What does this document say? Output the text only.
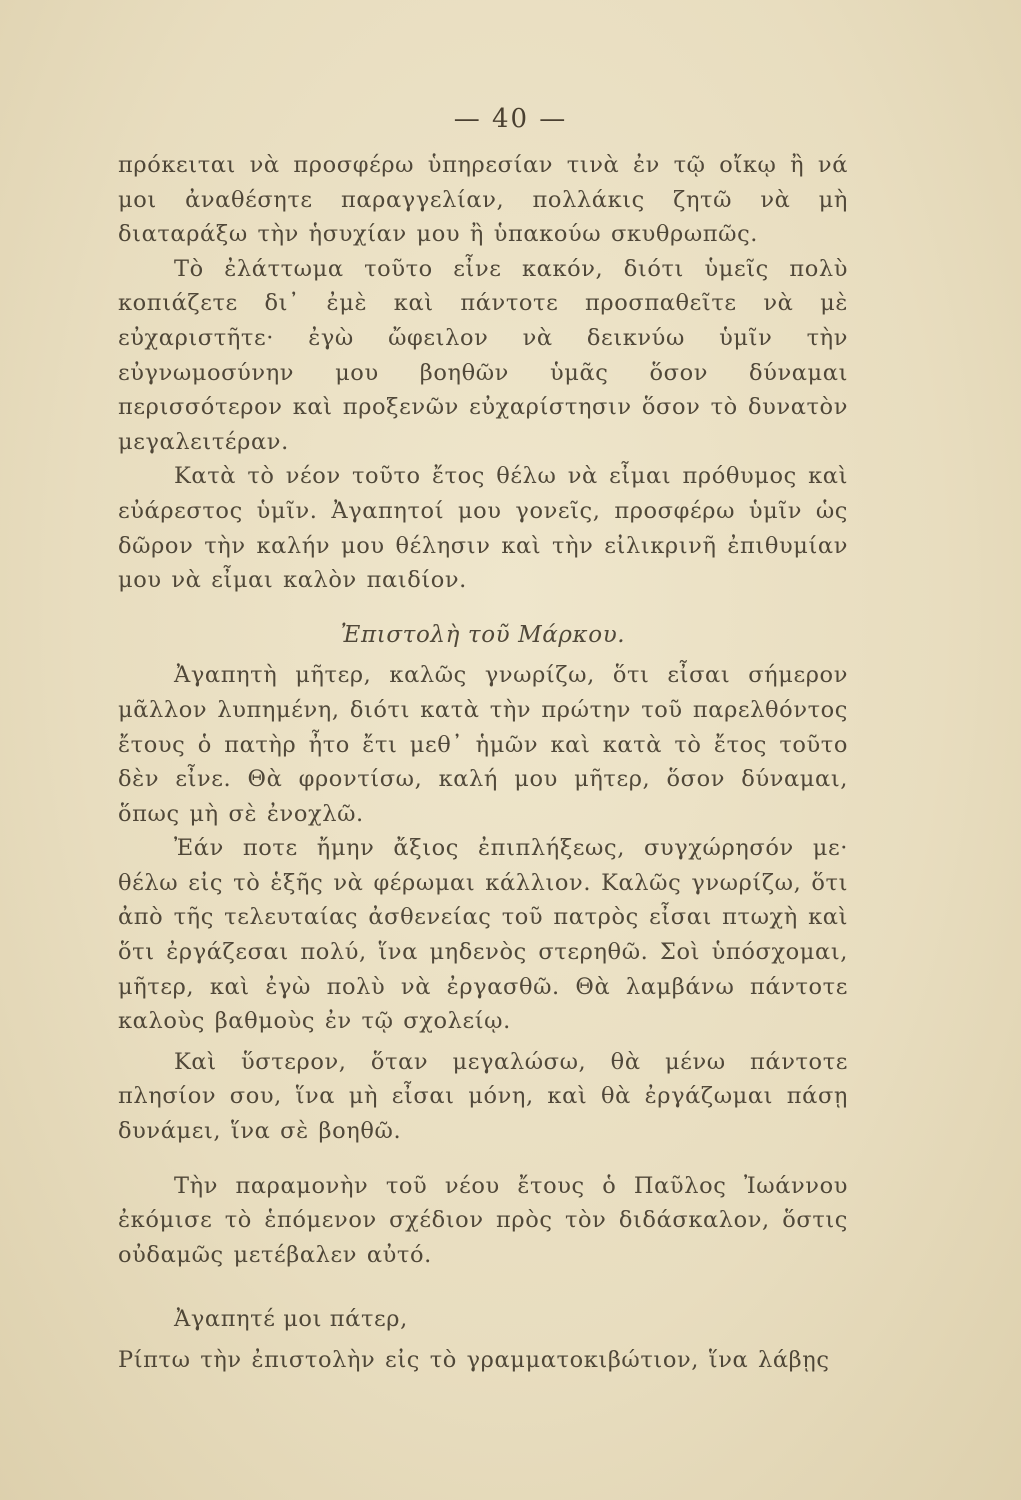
— 40 —

πρόκειται νὰ προσφέρω ὑπηρεσίαν τινὰ ἐν τῷ οἴκῳ ἢ νά μοι ἀναθέσητε παραγγελίαν, πολλάκις ζητῶ νὰ μὴ διαταράξω τὴν ἡσυχίαν μου ἢ ὑπακούω σκυθρωπῶς.

Τὸ ἐλάττωμα τοῦτο εἶνε κακόν, διότι ὑμεῖς πολὺ κοπιάζετε δι᾽ ἐμὲ καὶ πάντοτε προσπαθεῖτε νὰ μὲ εὐχαριστῆτε· ἐγὼ ὤφειλον νὰ δεικνύω ὑμῖν τὴν εὐγνωμοσύνην μου βοηθῶν ὑμᾶς ὅσον δύναμαι περισσότερον καὶ προξενῶν εὐχαρίστησιν ὅσον τὸ δυνατὸν μεγαλειτέραν.

Κατὰ τὸ νέον τοῦτο ἔτος θέλω νὰ εἶμαι πρόθυμος καὶ εὐάρεστος ὑμῖν. Ἀγαπητοί μου γονεῖς, προσφέρω ὑμῖν ὡς δῶρον τὴν καλήν μου θέλησιν καὶ τὴν εἰλικρινῆ ἐπιθυμίαν μου νὰ εἶμαι καλὸν παιδίον.

Ἐπιστολὴ τοῦ Μάρκου.

Ἀγαπητὴ μῆτερ, καλῶς γνωρίζω, ὅτι εἶσαι σήμερον μᾶλλον λυπημένη, διότι κατὰ τὴν πρώτην τοῦ παρελθόντος ἔτους ὁ πατὴρ ἦτο ἔτι μεθ᾽ ἡμῶν καὶ κατὰ τὸ ἔτος τοῦτο δὲν εἶνε. Θὰ φροντίσω, καλή μου μῆτερ, ὅσον δύναμαι, ὅπως μὴ σὲ ἐνοχλῶ.

Ἐάν ποτε ἤμην ἄξιος ἐπιπλήξεως, συγχώρησόν με· θέλω εἰς τὸ ἑξῆς νὰ φέρωμαι κάλλιον. Καλῶς γνωρίζω, ὅτι ἀπὸ τῆς τελευταίας ἀσθενείας τοῦ πατρὸς εἶσαι πτωχὴ καὶ ὅτι ἐργάζεσαι πολύ, ἵνα μηδενὸς στερηθῶ. Σοὶ ὑπόσχομαι, μῆτερ, καὶ ἐγὼ πολὺ νὰ ἐργασθῶ. Θὰ λαμβάνω πάντοτε καλοὺς βαθμοὺς ἐν τῷ σχολείῳ.

Καὶ ὕστερον, ὅταν μεγαλώσω, θὰ μένω πάντοτε πλησίον σου, ἵνα μὴ εἶσαι μόνη, καὶ θὰ ἐργάζωμαι πάσῃ δυνάμει, ἵνα σὲ βοηθῶ.

Τὴν παραμονὴν τοῦ νέου ἔτους ὁ Παῦλος Ἰωάννου ἐκόμισε τὸ ἑπόμενον σχέδιον πρὸς τὸν διδάσκαλον, ὅστις οὐδαμῶς μετέβαλεν αὐτό.

Ἀγαπητέ μοι πάτερ,

Ρίπτω τὴν ἐπιστολὴν εἰς τὸ γραμματοκιβώτιον, ἵνα λάβῃς
